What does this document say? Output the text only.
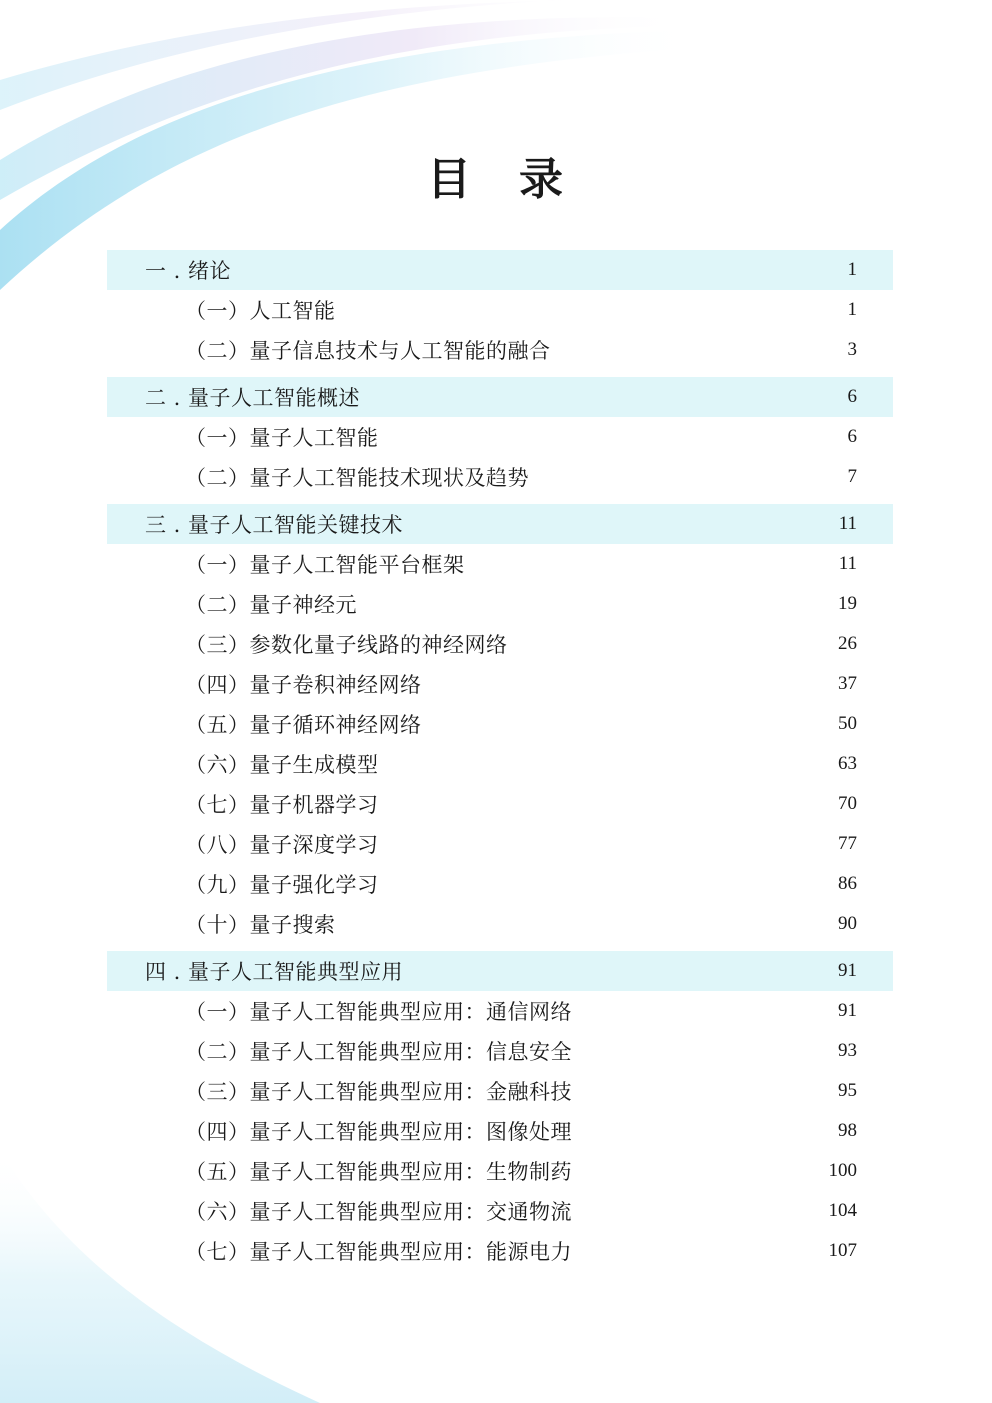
目　录
一 . 绪论	1
（一）人工智能	1
（二）量子信息技术与人工智能的融合	3
二 . 量子人工智能概述	6
（一）量子人工智能	6
（二）量子人工智能技术现状及趋势	7
三 . 量子人工智能关键技术	11
（一）量子人工智能平台框架	11
（二）量子神经元	19
（三）参数化量子线路的神经网络	26
（四）量子卷积神经网络	37
（五）量子循环神经网络	50
（六）量子生成模型	63
（七）量子机器学习	70
（八）量子深度学习	77
（九）量子强化学习	86
（十）量子搜索	90
四 . 量子人工智能典型应用	91
（一）量子人工智能典型应用：通信网络	91
（二）量子人工智能典型应用：信息安全	93
（三）量子人工智能典型应用：金融科技	95
（四）量子人工智能典型应用：图像处理	98
（五）量子人工智能典型应用：生物制药	100
（六）量子人工智能典型应用：交通物流	104
（七）量子人工智能典型应用：能源电力	107
